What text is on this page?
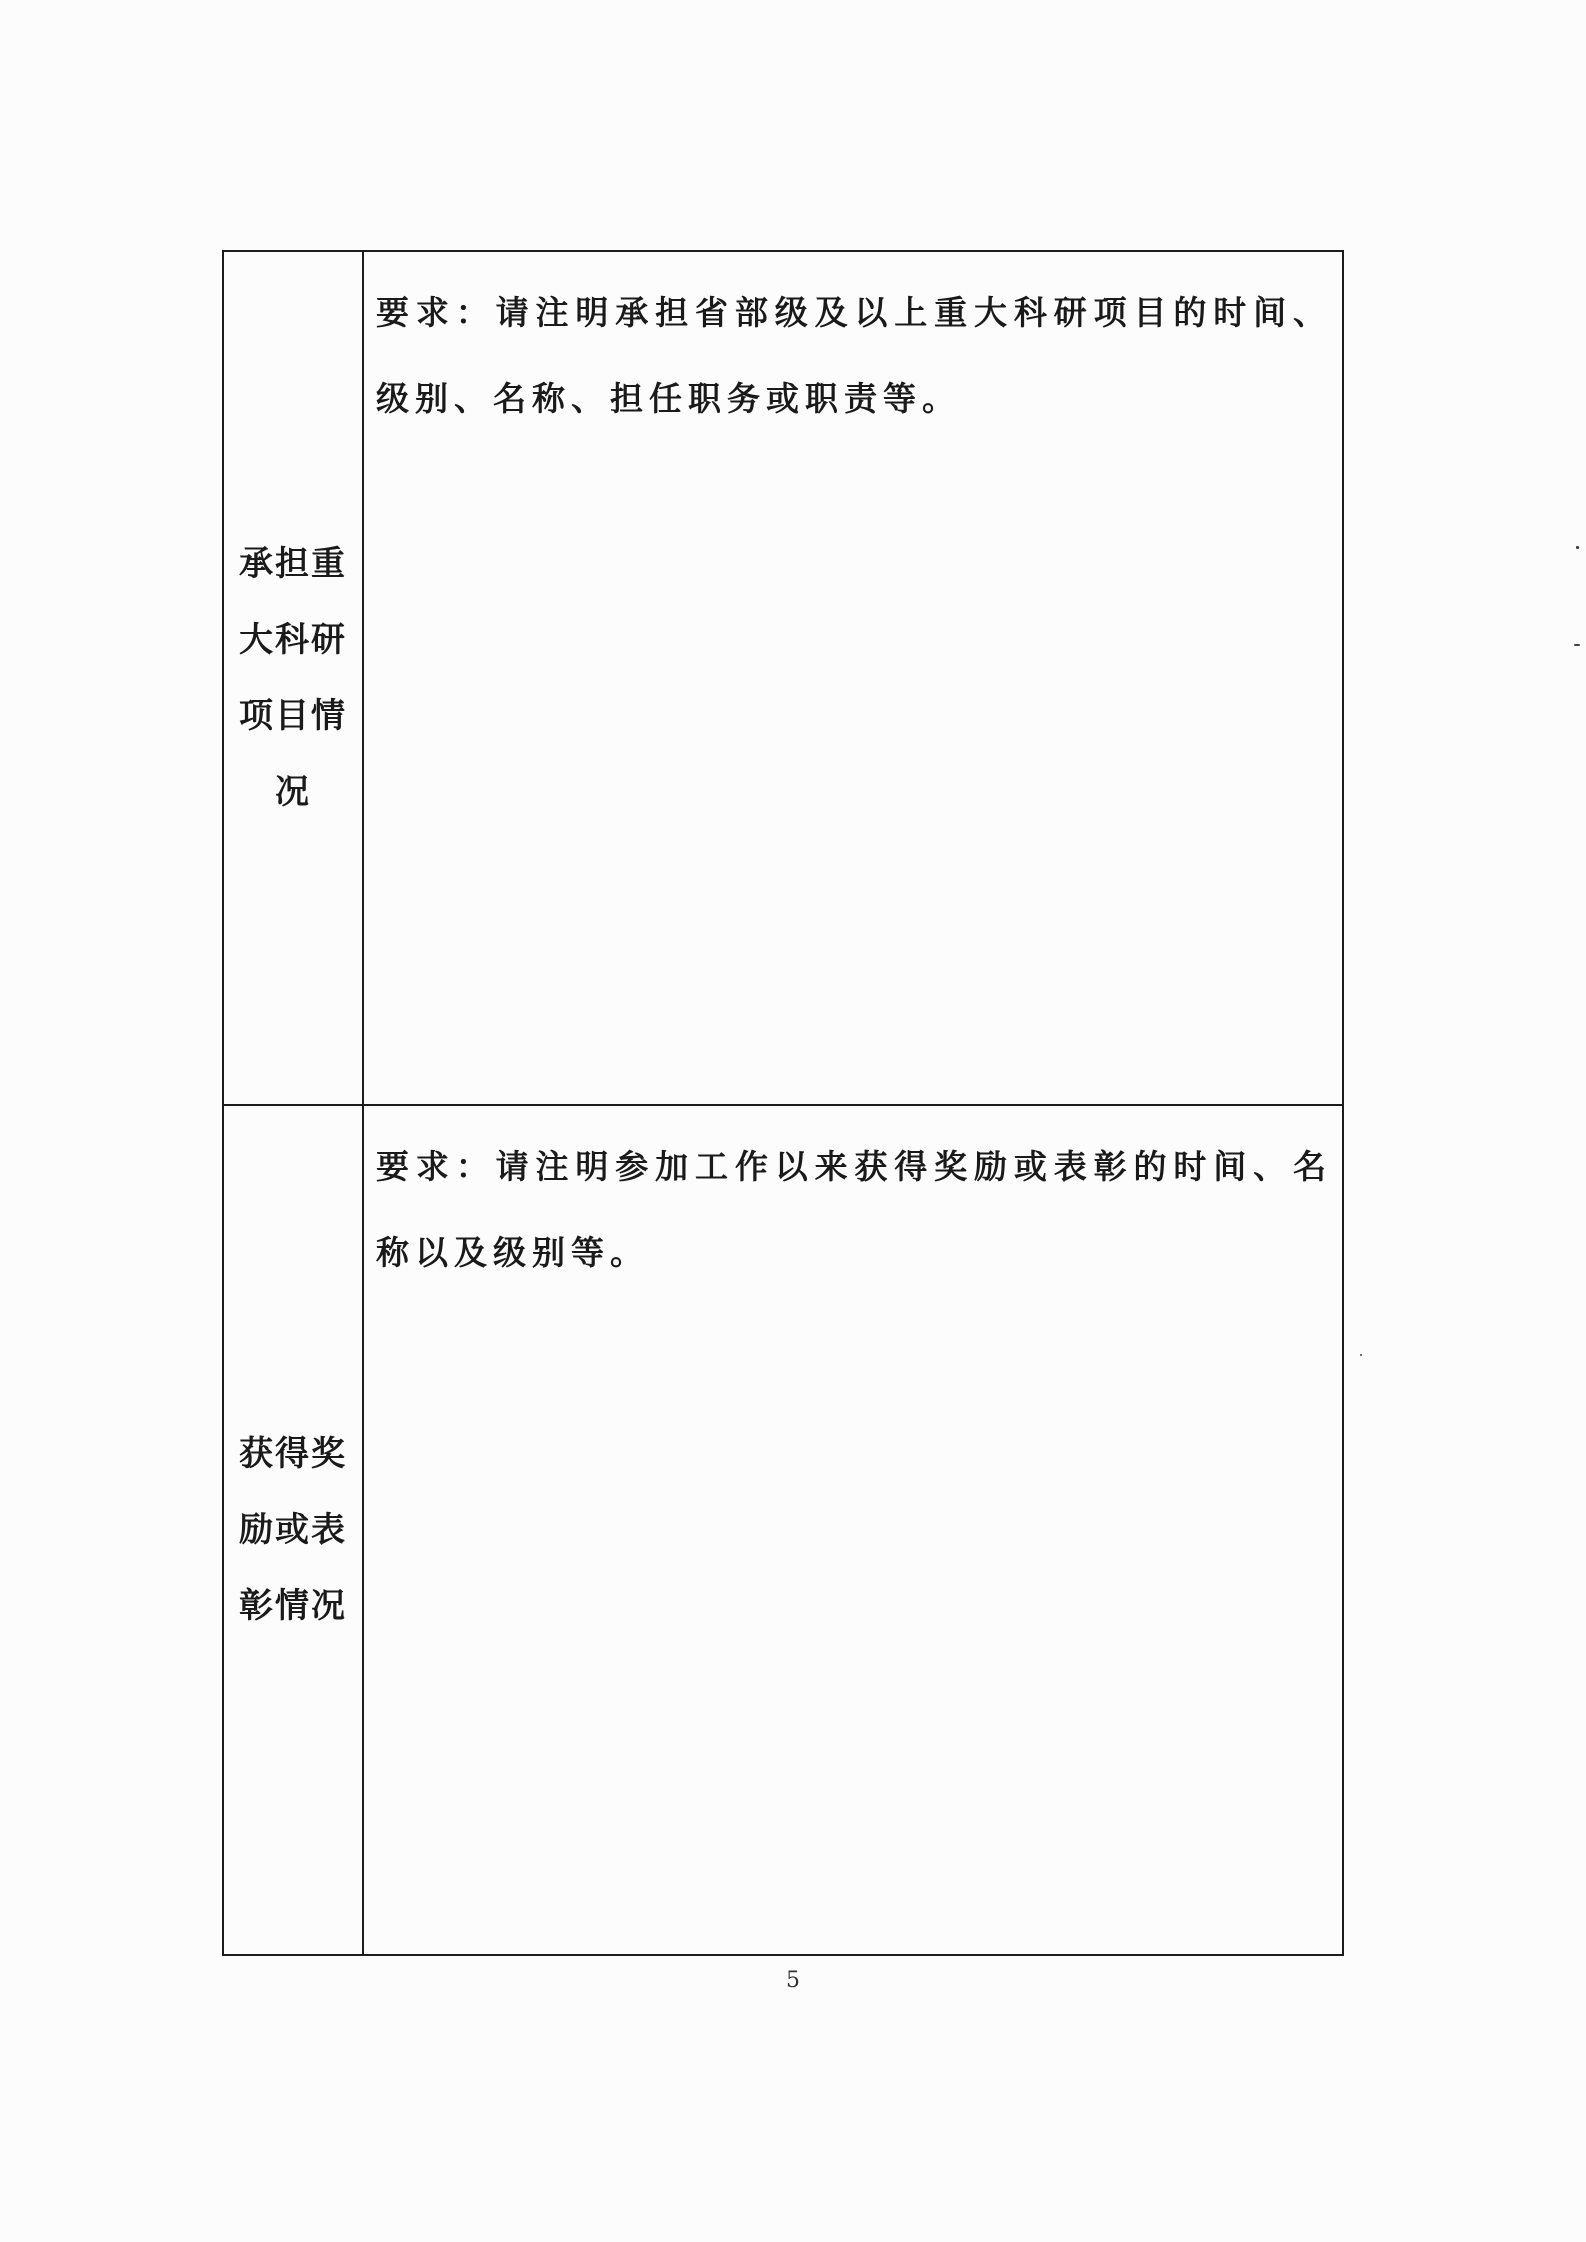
承担重大科研项目情况	要求：请注明承担省部级及以上重大科研项目的时间、级别、名称、担任职务或职责等。

获得奖励或表彰情况	要求：请注明参加工作以来获得奖励或表彰的时间、名称以及级别等。
5
